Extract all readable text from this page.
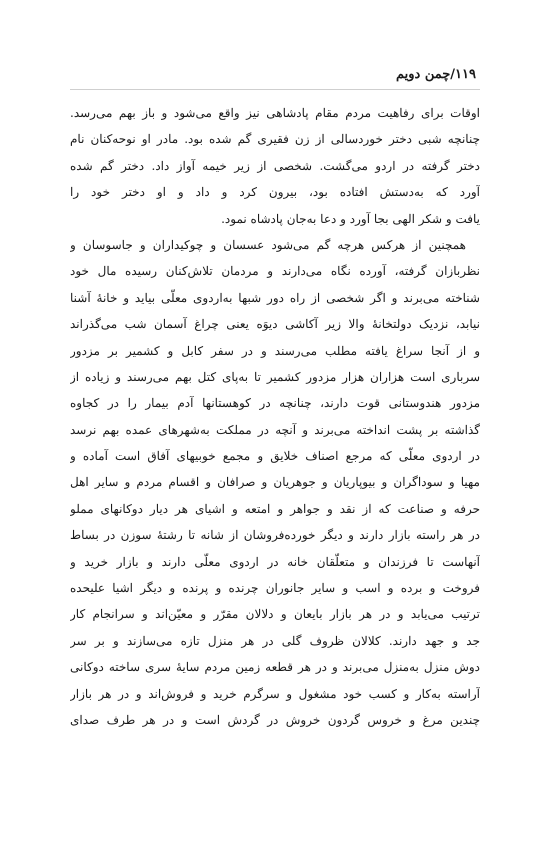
۱۱۹/چمن دویم
اوقات برای رفاهیت مردم مقام پادشاهی نیز واقع می‌شود و باز بهم می‌رسد.
چنانچه شبی دختر خوردسالی از زن فقیری گم شده بود. مادر او نوحه‌کنان نام
دختر گرفته در اردو می‌گشت. شخصی از زیر خیمه آواز داد. دختر گم شده
آورد که به‌دستش افتاده بود، بیرون کرد و داد و او دختر خود را
یافت و شکر الهی بجا آورد و دعا به‌جان پادشاه نمود.
همچنین از هرکس هرچه گم می‌شود عسسان و چوکیداران و جاسوسان و
نظربازان گرفته، آورده نگاه می‌دارند و مردمان تلاش‌کنان رسیده مال خود
شناخته می‌برند و اگر شخصی از راه دور شبها به‌اردوی معلّی بیاید و خانهٔ آشنا
نیابد، نزدیک دولتخانهٔ والا زیر آکاشی دیوَه یعنی چراغ آسمان شب می‌گذراند
و از آنجا سراغ یافته مطلب می‌رسند و در سفر کابل و کشمیر بر مزدور
سرباری است هزاران هزار مزدور کشمیر تا به‌پای کتل بهم می‌رسند و زیاده از
مزدور هندوستانی قوت دارند، چنانچه در کوهستانها آدم بیمار را در کجاوه
گذاشته بر پشت انداخته می‌برند و آنچه در مملکت به‌شهرهای عمده بهم نرسد
در اردوی معلّی که مرجع اصناف خلایق و مجمع خوبیهای آفاق است آماده و
مهیا و سوداگران و بیوپاریان و جوهریان و صرافان و اقسام مردم و سایر اهل
حرفه و صناعت که از نقد و جواهر و امتعه و اشیای هر دیار دوکانهای مملو
در هر راسته بازار دارند و دیگر خورده‌فروشان از شانه تا رشتهٔ سوزن در بساط
آنهاست تا فرزندان و متعلّقان خانه در اردوی معلّی دارند و بازار خرید و
فروخت و برده و اسب و سایر جانوران چرنده و پرنده و دیگر اشیا علیحده
ترتیب می‌یابد و در هر بازار بایعان و دلالان مقرّر و معیّن‌اند و سرانجام کار
جد و جهد دارند. کلالان ظروف گلی در هر منزل تازه می‌سازند و بر سر
دوش منزل به‌منزل می‌برند و در هر قطعه زمین مردم سایهٔ سری ساخته دوکانی
آراسته به‌کار و کسب خود مشغول و سرگرم خرید و فروش‌اند و در هر بازار
چندین مرغ و خروس گردون خروش در گردش است و در هر طرف صدای
